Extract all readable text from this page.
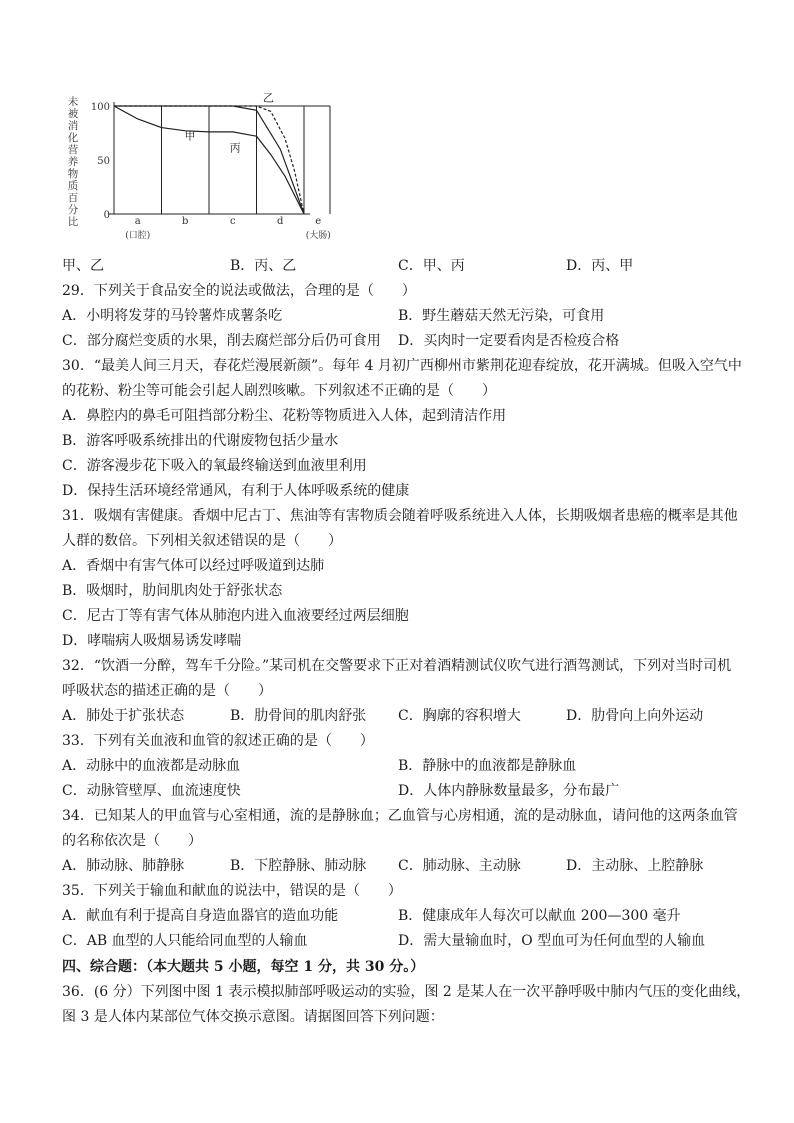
未
被
消
化
营
养
物
质
百
分
比
100
50
0
a	b	c	d	e
(口腔)	(大肠)
甲
丙
乙
甲、乙	B．丙、乙	C．甲、丙	D．丙、甲
29．下列关于食品安全的说法或做法，合理的是（　　）
A．小明将发芽的马铃薯炸成薯条吃	B．野生蘑菇天然无污染，可食用
C．部分腐烂变质的水果，削去腐烂部分后仍可食用 D．买肉时一定要看肉是否检疫合格
30．“最美人间三月天，春花烂漫展新颜”。每年 4 月初广西柳州市紫荆花迎春绽放，花开满城。但吸入空气中
的花粉、粉尘等可能会引起人剧烈咳嗽。下列叙述不正确的是（　　）
A．鼻腔内的鼻毛可阻挡部分粉尘、花粉等物质进入人体，起到清洁作用
B．游客呼吸系统排出的代谢废物包括少量水
C．游客漫步花下吸入的氧最终输送到血液里利用
D．保持生活环境经常通风，有利于人体呼吸系统的健康
31．吸烟有害健康。香烟中尼古丁、焦油等有害物质会随着呼吸系统进入人体，长期吸烟者患癌的概率是其他
人群的数倍。下列相关叙述错误的是（　　）
A．香烟中有害气体可以经过呼吸道到达肺
B．吸烟时，肋间肌肉处于舒张状态
C．尼古丁等有害气体从肺泡内进入血液要经过两层细胞
D．哮喘病人吸烟易诱发哮喘
32．“饮酒一分醉，驾车千分险。”某司机在交警要求下正对着酒精测试仪吹气进行酒驾测试，下列对当时司机
呼吸状态的描述正确的是（　　）
A．肺处于扩张状态	B．肋骨间的肌肉舒张 C．胸廓的容积增大	D．肋骨向上向外运动
33．下列有关血液和血管的叙述正确的是（　　）
A．动脉中的血液都是动脉血	B．静脉中的血液都是静脉血
C．动脉管壁厚、血流速度快	D．人体内静脉数量最多，分布最广
34．已知某人的甲血管与心室相通，流的是静脉血；乙血管与心房相通，流的是动脉血，请问他的这两条血管
的名称依次是（　　）
A．肺动脉、肺静脉	B．下腔静脉、肺动脉 C．肺动脉、主动脉	D．主动脉、上腔静脉
35．下列关于输血和献血的说法中，错误的是（　　）
A．献血有利于提高自身造血器官的造血功能	B．健康成年人每次可以献血 200—300 毫升
C．AB 血型的人只能给同血型的人输血	D．需大量输血时，O 型血可为任何血型的人输血
四、综合题：（本大题共 5 小题，每空 1 分，共 30 分。）
36．(6 分）下列图中图 1 表示模拟肺部呼吸运动的实验，图 2 是某人在一次平静呼吸中肺内气压的变化曲线，
图 3 是人体内某部位气体交换示意图。请据图回答下列问题：
